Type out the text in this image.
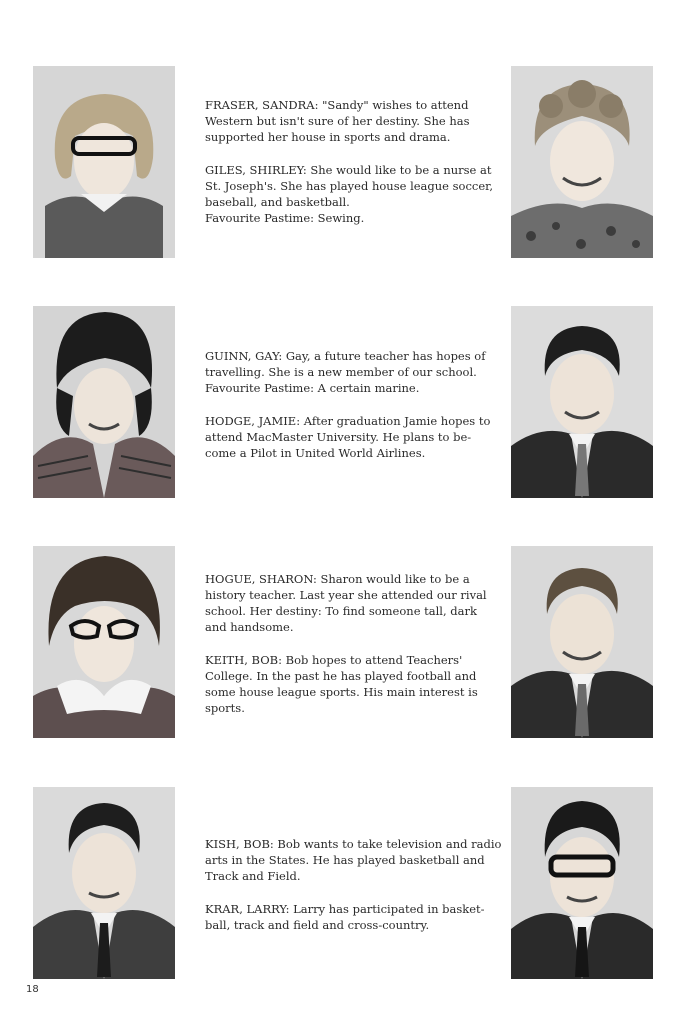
FRASER, SANDRA: "Sandy" wishes to attend
Western but isn't sure of her destiny. She has
supported her house in sports and drama.

GILES, SHIRLEY: She would like to be a nurse at
St. Joseph's. She has played house league soccer,
baseball, and basketball.
Favourite Pastime: Sewing.

GUINN, GAY: Gay, a future teacher has hopes of
travelling. She is a new member of our school.
Favourite Pastime: A certain marine.

HODGE, JAMIE: After graduation Jamie hopes to
attend MacMaster University. He plans to be-
come a Pilot in United World Airlines.

HOGUE, SHARON: Sharon would like to be a
history teacher. Last year she attended our rival
school. Her destiny: To find someone tall, dark
and handsome.

KEITH, BOB: Bob hopes to attend Teachers'
College. In the past he has played football and
some house league sports. His main interest is
sports.

KISH, BOB: Bob wants to take television and radio
arts in the States. He has played basketball and
Track and Field.

KRAR, LARRY: Larry has participated in basket-
ball, track and field and cross-country.

18
